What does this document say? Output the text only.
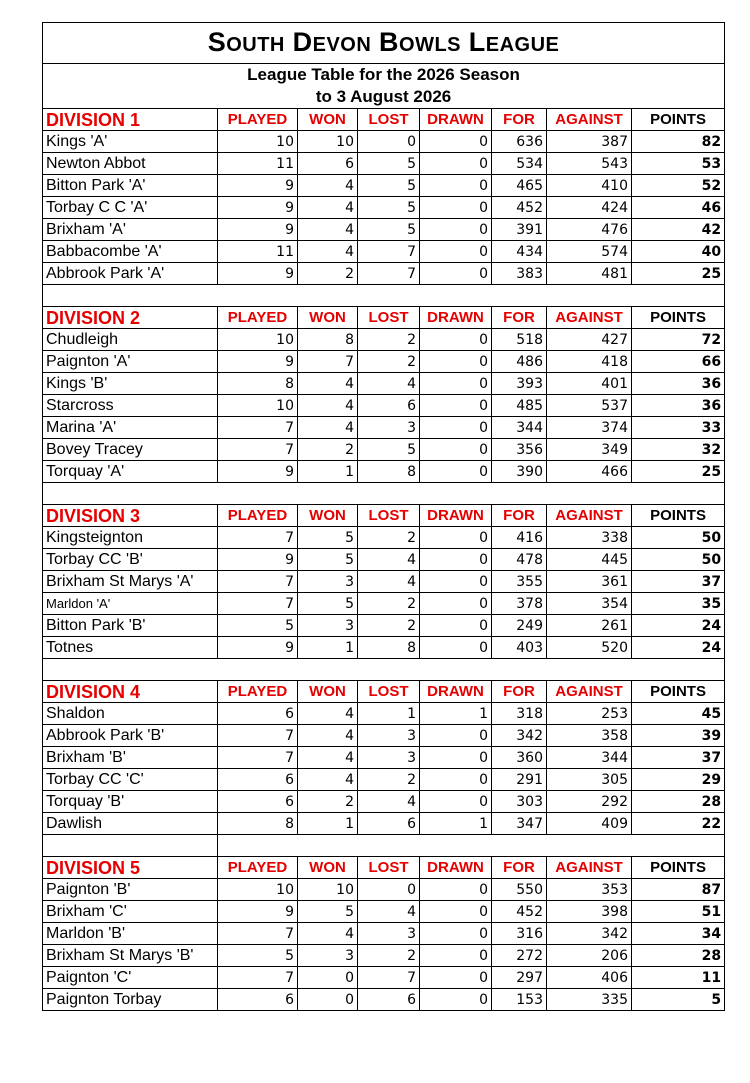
SOUTH DEVON BOWLS LEAGUE							
League Table for the 2026 Season							
to 3 August 2026							
DIVISION 1	PLAYED	WON	LOST	DRAWN	FOR	AGAINST	POINTS
Kings 'A'	10	10	0	0	636	387	82
Newton Abbot	11	6	5	0	534	543	53
Bitton Park 'A'	9	4	5	0	465	410	52
Torbay C C 'A'	9	4	5	0	452	424	46
Brixham 'A'	9	4	5	0	391	476	42
Babbacombe 'A'	11	4	7	0	434	574	40
Abbrook Park 'A'	9	2	7	0	383	481	25

DIVISION 2	PLAYED	WON	LOST	DRAWN	FOR	AGAINST	POINTS
Chudleigh	10	8	2	0	518	427	72
Paignton 'A'	9	7	2	0	486	418	66
Kings 'B'	8	4	4	0	393	401	36
Starcross	10	4	6	0	485	537	36
Marina 'A'	7	4	3	0	344	374	33
Bovey Tracey	7	2	5	0	356	349	32
Torquay 'A'	9	1	8	0	390	466	25

DIVISION 3	PLAYED	WON	LOST	DRAWN	FOR	AGAINST	POINTS
Kingsteignton	7	5	2	0	416	338	50
Torbay CC 'B'	9	5	4	0	478	445	50
Brixham St Marys 'A'	7	3	4	0	355	361	37
Marldon 'A'	7	5	2	0	378	354	35
Bitton Park 'B'	5	3	2	0	249	261	24
Totnes	9	1	8	0	403	520	24

DIVISION 4	PLAYED	WON	LOST	DRAWN	FOR	AGAINST	POINTS
Shaldon	6	4	1	1	318	253	45
Abbrook Park 'B'	7	4	3	0	342	358	39
Brixham 'B'	7	4	3	0	360	344	37
Torbay CC 'C'	6	4	2	0	291	305	29
Torquay 'B'	6	2	4	0	303	292	28
Dawlish	8	1	6	1	347	409	22

DIVISION 5	PLAYED	WON	LOST	DRAWN	FOR	AGAINST	POINTS
Paignton 'B'	10	10	0	0	550	353	87
Brixham 'C'	9	5	4	0	452	398	51
Marldon 'B'	7	4	3	0	316	342	34
Brixham St Marys 'B'	5	3	2	0	272	206	28
Paignton 'C'	7	0	7	0	297	406	11
Paignton Torbay	6	0	6	0	153	335	5
